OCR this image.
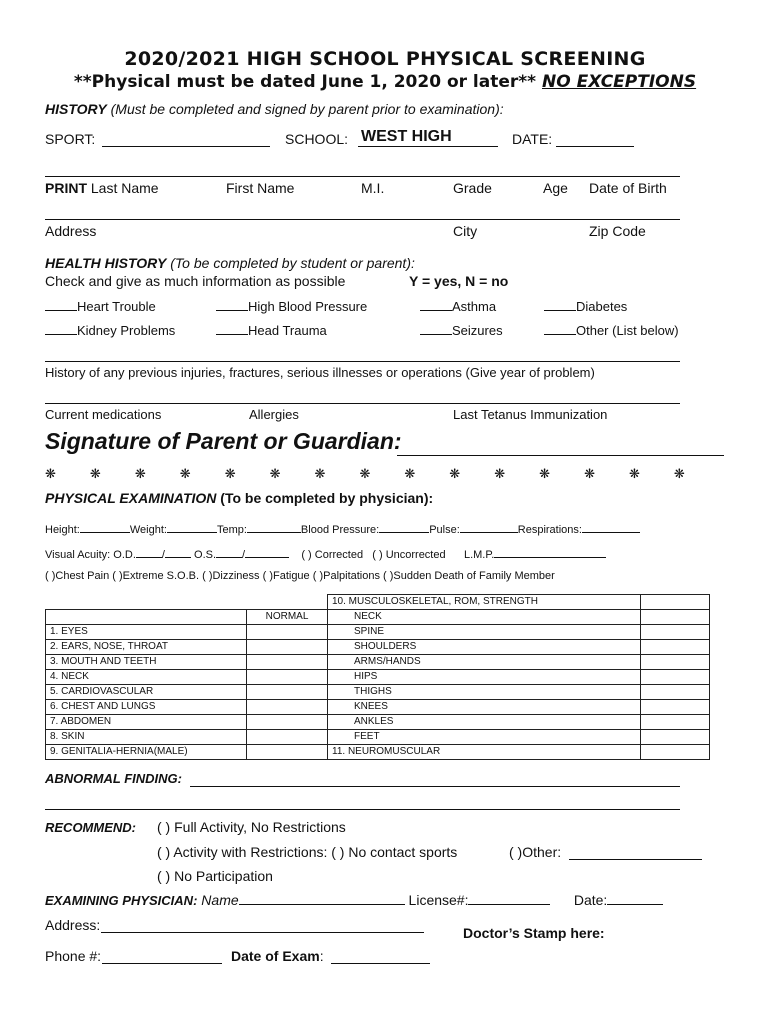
2020/2021 HIGH SCHOOL PHYSICAL SCREENING
**Physical must be dated June 1, 2020 or later** NO EXCEPTIONS
HISTORY (Must be completed and signed by parent prior to examination):
SPORT:	SCHOOL: WEST HIGH	DATE:
PRINT Last Name	First Name	M.I.	Grade	Age Date of Birth
Address	City	Zip Code
HEALTH HISTORY (To be completed by student or parent):
Check and give as much information as possible	Y = yes, N = no
Heart Trouble	High Blood Pressure	Asthma	Diabetes
Kidney Problems	Head Trauma	Seizures	Other (List below)
History of any previous injuries, fractures, serious illnesses or operations (Give year of problem)
Current medications	Allergies	Last Tetanus Immunization
Signature of Parent or Guardian:
❋	❋	❋	❋	❋	❋	❋	❋	❋	❋	❋	❋	❋	❋	❋
PHYSICAL EXAMINATION (To be completed by physician):
Height:	Weight:	Temp:	Blood Pressure:	Pulse:	Respirations:
Visual Acuity: O.D. /	O.S. /	( ) Corrected ( ) Uncorrected L.M.P.
( )Chest Pain ( )Extreme S.O.B. ( )Dizziness ( )Fatigue ( )Palpitations ( )Sudden Death of Family Member
		10. MUSCULOSKELETAL, ROM, STRENGTH	
	NORMAL	NECK	
1. EYES		SPINE	
2. EARS, NOSE, THROAT		SHOULDERS	
3. MOUTH AND TEETH		ARMS/HANDS	
4. NECK		HIPS	
5. CARDIOVASCULAR		THIGHS	
6. CHEST AND LUNGS		KNEES	
7. ABDOMEN		ANKLES	
8. SKIN		FEET	
9. GENITALIA-HERNIA(MALE)		11. NEUROMUSCULAR	
ABNORMAL FINDING:
RECOMMEND: ( ) Full Activity, No Restrictions
( ) Activity with Restrictions: ( ) No contact sports	( )Other:
( ) No Participation
EXAMINING PHYSICIAN: Name	License#:	Date:
Address:	Doctor’s Stamp here:
Phone #:	Date of Exam:
